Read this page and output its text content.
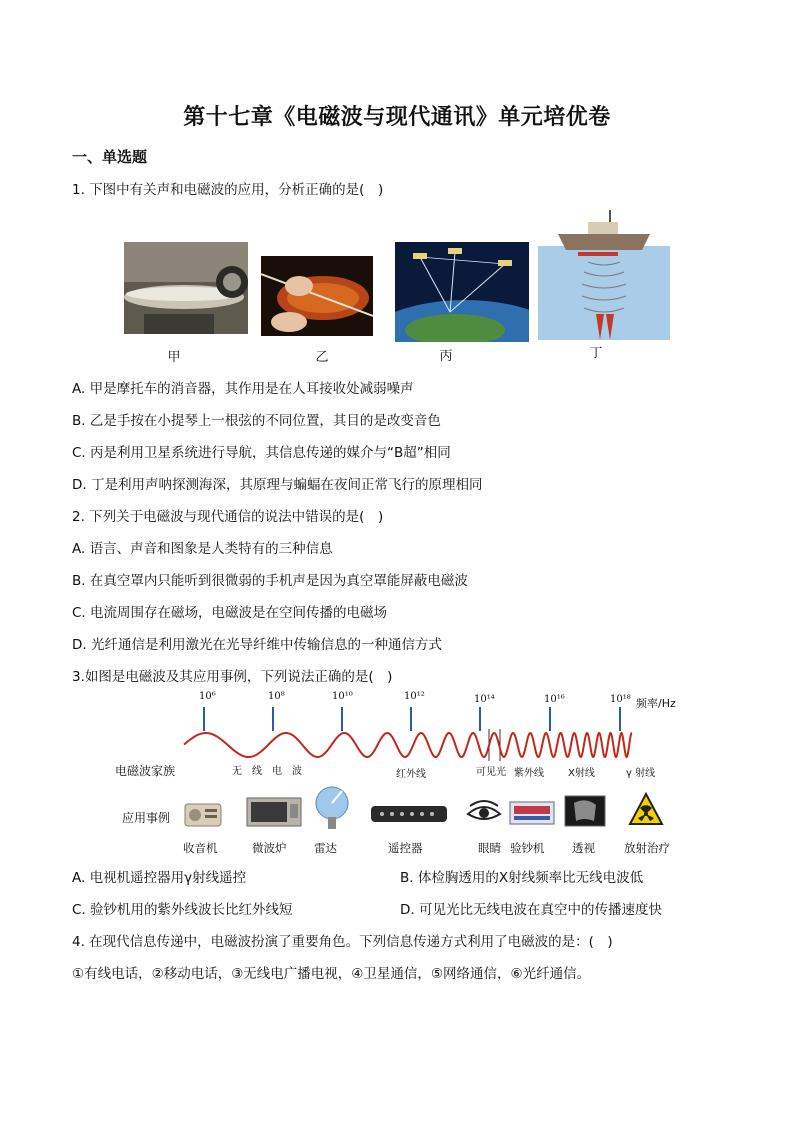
第十七章《电磁波与现代通讯》单元培优卷
一、单选题
1. 下图中有关声和电磁波的应用，分析正确的是(　)
甲	乙	丙	丁
A. 甲是摩托车的消音器，其作用是在人耳接收处减弱噪声
B. 乙是手按在小提琴上一根弦的不同位置，其目的是改变音色
C. 丙是利用卫星系统进行导航，其信息传递的媒介与“B超”相同
D. 丁是利用声呐探测海深，其原理与蝙蝠在夜间正常飞行的原理相同
2. 下列关于电磁波与现代通信的说法中错误的是(　)
A. 语言、声音和图象是人类特有的三种信息
B. 在真空罩内只能听到很微弱的手机声是因为真空罩能屏蔽电磁波
C. 电流周围存在磁场，电磁波是在空间传播的电磁场
D. 光纤通信是利用激光在光导纤维中传输信息的一种通信方式
3.如图是电磁波及其应用事例，下列说法正确的是(　)
10⁶	10⁸	10¹⁰	10¹²	10¹⁴	10¹⁶	10¹⁸ 频率/Hz
电磁波家族	无　线　电　波	红外线	可见光 紫外线 X射线	γ 射线
应用事例
收音机	微波炉 雷达	遥控器	眼睛 验钞机 透视	放射治疗
A. 电视机遥控器用γ射线遥控	B. 体检胸透用的X射线频率比无线电波低
C. 验钞机用的紫外线波长比红外线短	D. 可见光比无线电波在真空中的传播速度快
4. 在现代信息传递中，电磁波扮演了重要角色。下列信息传递方式利用了电磁波的是：(　)
①有线电话，②移动电话，③无线电广播电视，④卫星通信，⑤网络通信，⑥光纤通信。
